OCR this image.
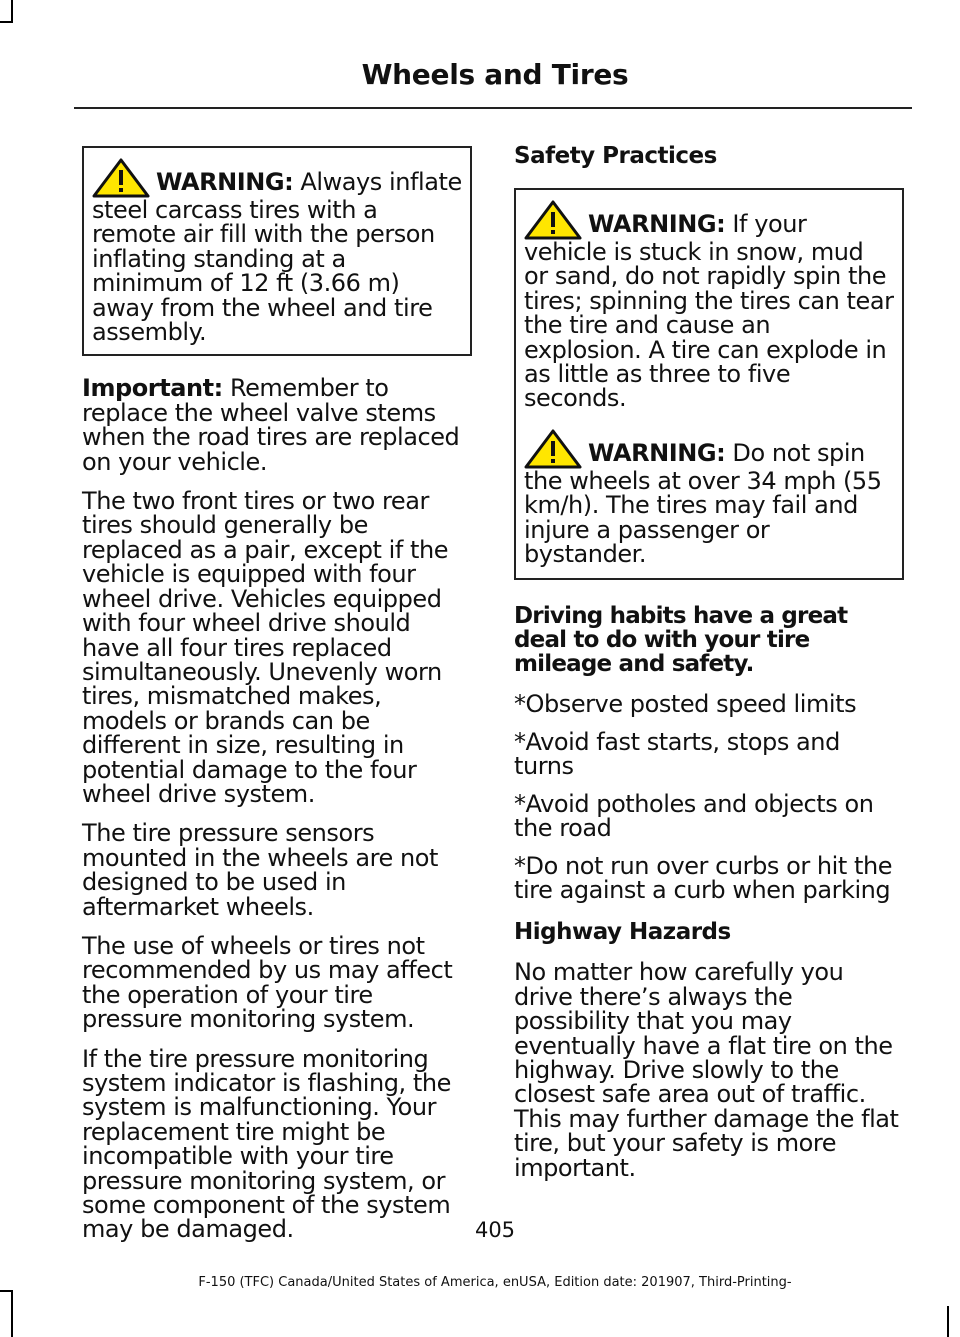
Wheels and Tires

WARNING: Always inflate steel carcass tires with a remote air fill with the person inflating standing at a minimum of 12 ft (3.66 m) away from the wheel and tire assembly.

Important: Remember to replace the wheel valve stems when the road tires are replaced on your vehicle.

The two front tires or two rear tires should generally be replaced as a pair, except if the vehicle is equipped with four wheel drive. Vehicles equipped with four wheel drive should have all four tires replaced simultaneously. Unevenly worn tires, mismatched makes, models or brands can be different in size, resulting in potential damage to the four wheel drive system.

The tire pressure sensors mounted in the wheels are not designed to be used in aftermarket wheels.

The use of wheels or tires not recommended by us may affect the operation of your tire pressure monitoring system.

If the tire pressure monitoring system indicator is flashing, the system is malfunctioning. Your replacement tire might be incompatible with your tire pressure monitoring system, or some component of the system may be damaged.

Safety Practices

WARNING: If your vehicle is stuck in snow, mud or sand, do not rapidly spin the tires; spinning the tires can tear the tire and cause an explosion. A tire can explode in as little as three to five seconds.

WARNING: Do not spin the wheels at over 34 mph (55 km/h). The tires may fail and injure a passenger or bystander.

Driving habits have a great deal to do with your tire mileage and safety.

*Observe posted speed limits

*Avoid fast starts, stops and turns

*Avoid potholes and objects on the road

*Do not run over curbs or hit the tire against a curb when parking

Highway Hazards

No matter how carefully you drive there’s always the possibility that you may eventually have a flat tire on the highway. Drive slowly to the closest safe area out of traffic. This may further damage the flat tire, but your safety is more important.

405
F-150 (TFC) Canada/United States of America, enUSA, Edition date: 201907, Third-Printing-
